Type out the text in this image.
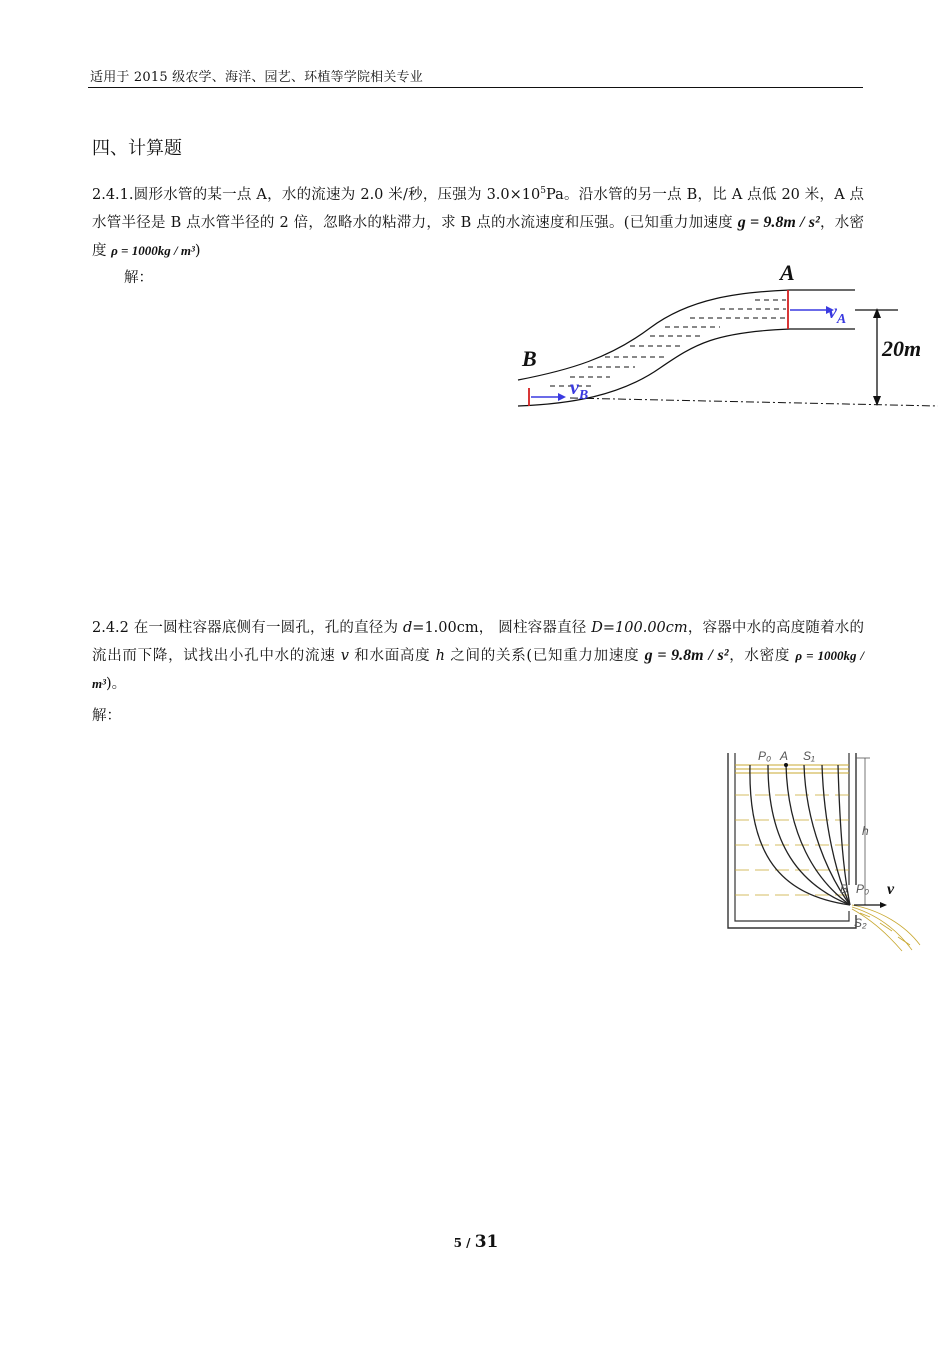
适用于 2015 级农学、海洋、园艺、环植等学院相关专业
四、计算题
2.4.1.圆形水管的某一点 A，水的流速为 2.0 米/秒，压强为 $3.0\times 10^5Pa$。沿水管的另一点 B，比 A 点低 20 米，A 点水管半径是 B 点水管半径的 2 倍，忽略水的粘滞力，求 B 点的水流速度和压强。(已知重力加速度 g = 9.8m / s²，水密度 ρ = 1000kg / m³)
解：	A
B
$v_A$
$v_B$
20m
2.4.2 在一圆柱容器底侧有一圆孔，孔的直径为 d=1.00cm， 圆柱容器直径 D=100.00cm，容器中水的高度随着水的流出而下降，试找出小孔中水的流速 v 和水面高度 h 之间的关系(已知重力加速度 g = 9.8m / s²，水密度 ρ = 1000kg / m³)。
解：
P₀ A S₁
h
B P₀ v
S₂
5 / 31
